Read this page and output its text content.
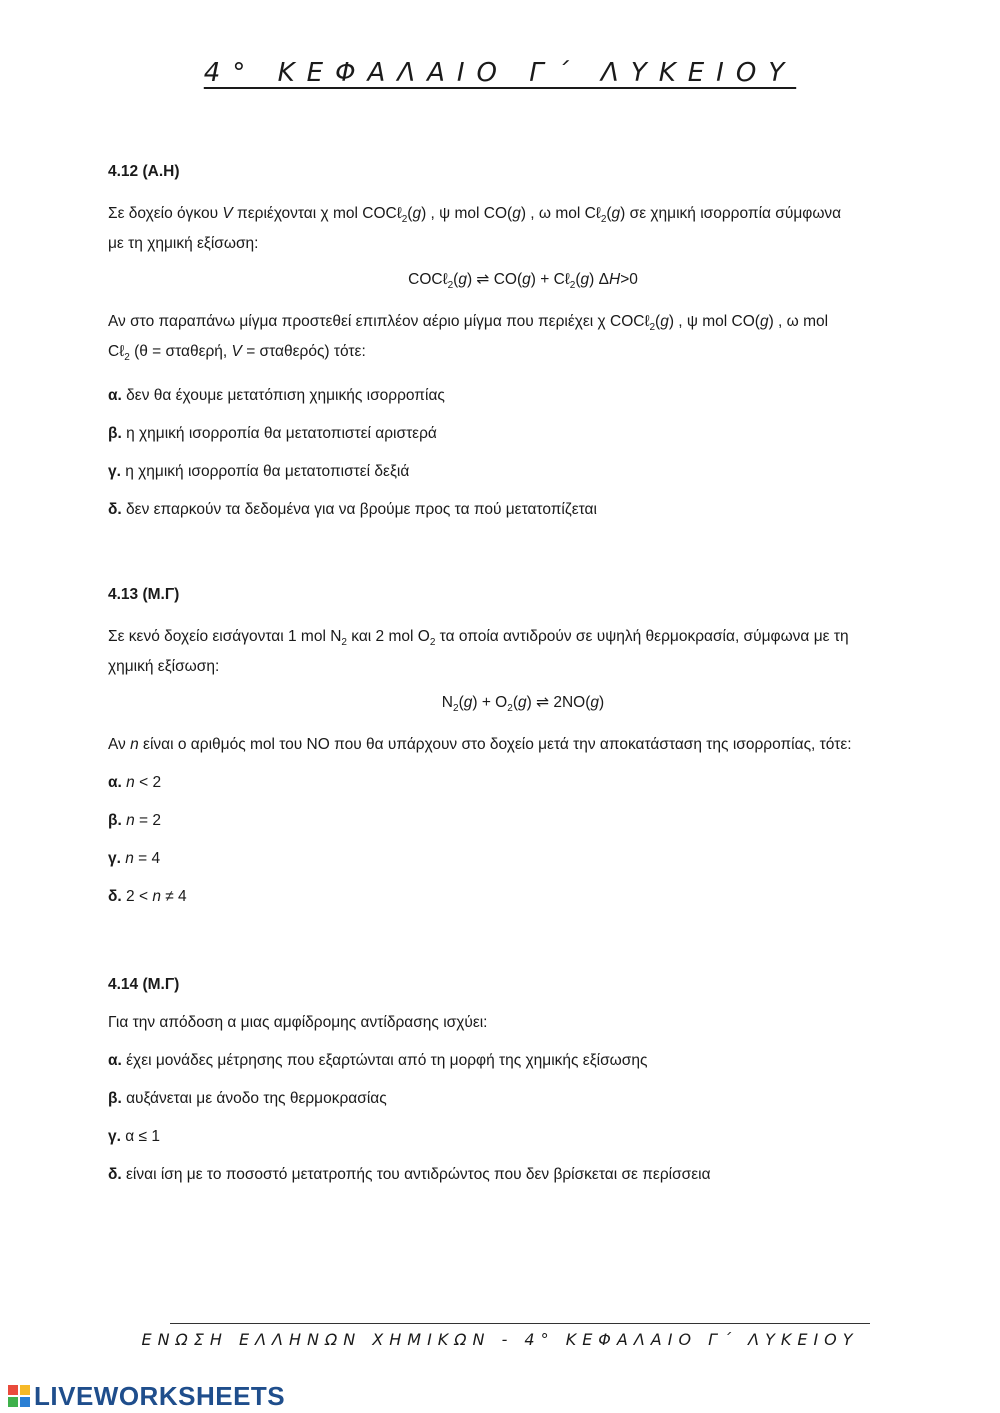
4° ΚΕΦΑΛΑΙΟ Γ΄ ΛΥΚΕΙΟΥ

4.12 (Α.Η)

Σε δοχείο όγκου V περιέχονται χ mol COCℓ$_2$(g) , ψ mol CO(g) , ω mol Cℓ$_2$(g) σε χημική ισορροπία σύμφωνα

με τη χημική εξίσωση:

COCℓ$_2$(g) ⇌ CO(g) + Cℓ$_2$(g) ΔH>0

Αν στο παραπάνω μίγμα προστεθεί επιπλέον αέριο μίγμα που περιέχει χ COCℓ$_2$(g) , ψ mol CO(g) , ω mol

Cℓ$_2$ (θ = σταθερή, V = σταθερός) τότε:

α. δεν θα έχουμε μετατόπιση χημικής ισορροπίας

β. η χημική ισορροπία θα μετατοπιστεί αριστερά

γ. η χημική ισορροπία θα μετατοπιστεί δεξιά

δ. δεν επαρκούν τα δεδομένα για να βρούμε προς τα πού μετατοπίζεται

4.13 (Μ.Γ)

Σε κενό δοχείο εισάγονται 1 mol $N_2$ και 2 mol $O_2$ τα οποία αντιδρούν σε υψηλή θερμοκρασία, σύμφωνα με τη

χημική εξίσωση:

$N_2(g) + O_2(g)$ ⇌ 2NO(g)

Αν n είναι ο αριθμός mol του NO που θα υπάρχουν στο δοχείο μετά την αποκατάσταση της ισορροπίας, τότε:

α. n < 2

β. n = 2

γ. n = 4

δ. 2 < n ≠ 4

4.14 (Μ.Γ)

Για την απόδοση α μιας αμφίδρομης αντίδρασης ισχύει:

α. έχει μονάδες μέτρησης που εξαρτώνται από τη μορφή της χημικής εξίσωσης

β. αυξάνεται με άνοδο της θερμοκρασίας

γ. α ≤ 1

δ. είναι ίση με το ποσοστό μετατροπής του αντιδρώντος που δεν βρίσκεται σε περίσσεια

ΕΝΩΣΗ ΕΛΛΗΝΩΝ ΧΗΜΙΚΩΝ - 4° ΚΕΦΑΛΑΙΟ Γ΄ ΛΥΚΕΙΟΥ
LIVEWORKSHEETS
